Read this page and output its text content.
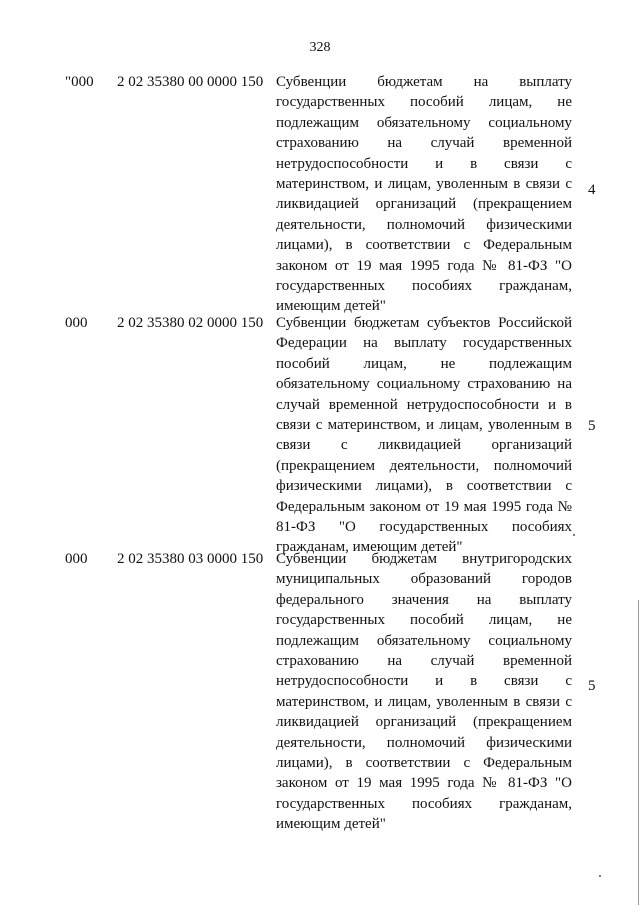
328
"000 2 02 35380 00 0000 150 Субвенции бюджетам на выплату государственных пособий лицам, не подлежащим обязательному социальному страхованию на случай временной нетрудоспособности и в связи с материнством, и лицам, уволенным в связи с ликвидацией организаций (прекращением деятельности, полномочий физическими лицами), в соответствии с Федеральным законом от 19 мая 1995 года № 81-ФЗ "О государственных пособиях гражданам, имеющим детей"

4
000 2 02 35380 02 0000 150 Субвенции бюджетам субъектов Российской Федерации на выплату государственных пособий лицам, не подлежащим обязательному социальному страхованию на случай временной нетрудоспособности и в связи с материнством, и лицам, уволенным в связи с ликвидацией организаций (прекращением деятельности, полномочий физическими лицами), в соответствии с Федеральным законом от 19 мая 1995 года № 81-ФЗ "О государственных пособиях гражданам, имеющим детей"

5
000 2 02 35380 03 0000 150 Субвенции бюджетам внутригородских муниципальных образований городов федерального значения на выплату государственных пособий лицам, не подлежащим обязательному социальному страхованию на случай временной нетрудоспособности и в связи с материнством, и лицам, уволенным в связи с ликвидацией организаций (прекращением деятельности, полномочий физическими лицами), в соответствии с Федеральным законом от 19 мая 1995 года № 81-ФЗ "О государственных пособиях гражданам, имеющим детей"

5
